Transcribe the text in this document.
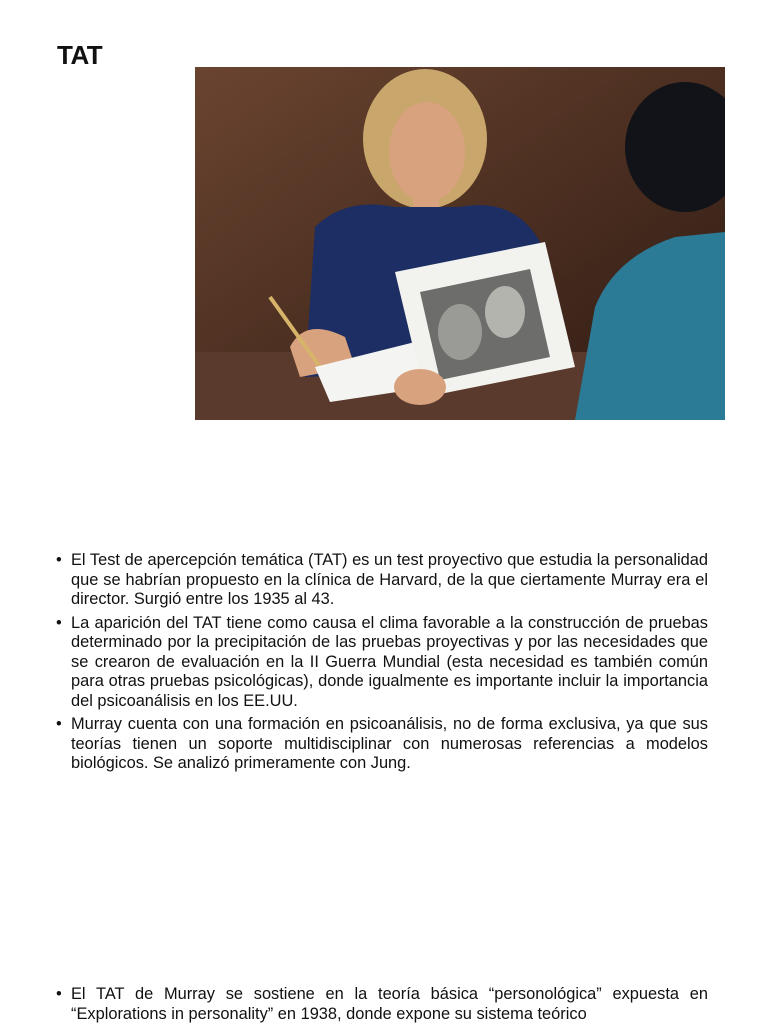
TAT
• El Test de apercepción temática (TAT) es un test proyectivo que estudia la personalidad que se habrían propuesto en la clínica de Harvard, de la que ciertamente Murray era el director. Surgió entre los 1935 al 43.
• La aparición del TAT tiene como causa el clima favorable a la construcción de pruebas determinado por la precipitación de las pruebas proyectivas y por las necesidades que se crearon de evaluación en la II Guerra Mundial (esta necesidad es también común para otras pruebas psicológicas), donde igualmente es importante incluir la importancia del psicoanálisis en los EE.UU.
• Murray cuenta con una formación en psicoanálisis, no de forma exclusiva, ya que sus teorías tienen un soporte multidisciplinar con numerosas referencias a modelos biológicos. Se analizó primeramente con Jung.
• El TAT de Murray se sostiene en la teoría básica “personológica” expuesta en “Explorations in personality” en 1938, donde expone su sistema teórico
